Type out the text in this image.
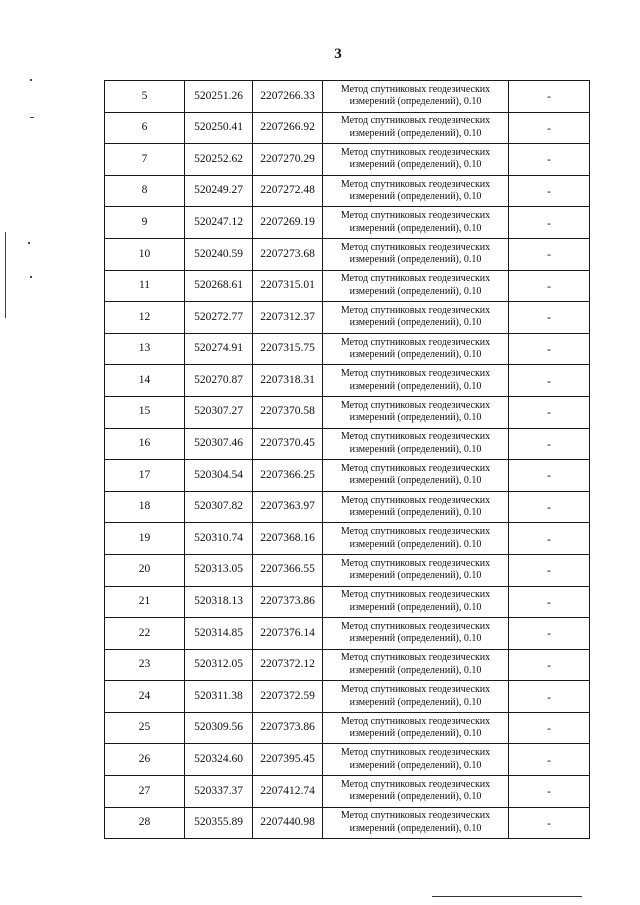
3
5	520251.26	2207266.33	Метод спутниковых геодезических
измерений (определений), 0.10	-
6	520250.41	2207266.92	Метод спутниковых геодезических
измерений (определений), 0.10	-
7	520252.62	2207270.29	Метод спутниковых геодезических
измерений (определений), 0.10	-
8	520249.27	2207272.48	Метод спутниковых геодезических
измерений (определений), 0.10	-
9	520247.12	2207269.19	Метод спутниковых геодезических
измерений (определений), 0.10	-
10	520240.59	2207273.68	Метод спутниковых геодезических
измерений (определений), 0.10	-
11	520268.61	2207315.01	Метод спутниковых геодезических
измерений (определений), 0.10	-
12	520272.77	2207312.37	Метод спутниковых геодезических
измерений (определений), 0.10	-
13	520274.91	2207315.75	Метод спутниковых геодезических
измерений (определений), 0.10	-
14	520270.87	2207318.31	Метод спутниковых геодезических
измерений (определений), 0.10	-
15	520307.27	2207370.58	Метод спутниковых геодезических
измерений (определений), 0.10	-
16	520307.46	2207370.45	Метод спутниковых геодезических
измерений (определений), 0.10	-
17	520304.54	2207366.25	Метод спутниковых геодезических
измерений (определений), 0.10	-
18	520307.82	2207363.97	Метод спутниковых геодезических
измерений (определений), 0.10	-
19	520310.74	2207368.16	Метод спутниковых геодезических
измерений (определений). 0.10	-
20	520313.05	2207366.55	Метод спутниковых геодезических
измерений (определений), 0.10	-
21	520318.13	2207373.86	Метод спутниковых геодезических
измерений (определений), 0.10	-
22	520314.85	2207376.14	Метод спутниковых геодезических
измерений (определений), 0.10	-
23	520312.05	2207372.12	Метод спутниковых геодезических
измерений (определений), 0.10	-
24	520311.38	2207372.59	Метод спутниковых геодезических
измерений (определений), 0.10	-
25	520309.56	2207373.86	Метод спутниковых геодезических
измерений (определений), 0.10	-
26	520324.60	2207395.45	Метод спутниковых геодезических
измерений (определений), 0.10	-
27	520337.37	2207412.74	Метод спутниковых геодезических
измерений (определений), 0.10	-
28	520355.89	2207440.98	Метод спутниковых геодезических
измерений (определений), 0.10	-
